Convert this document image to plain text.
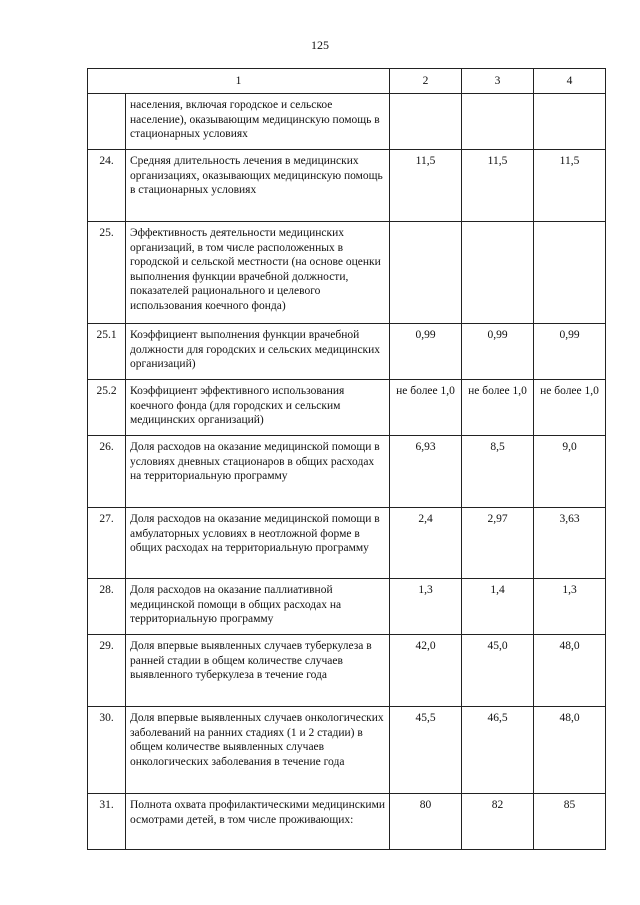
125
1		2	3	4
	населения, включая городское и сельское население), оказывающим медицинскую помощь в стационарных условиях			
24.	Средняя длительность лечения в медицинских организациях, оказывающих медицинскую помощь в стационарных условиях	11,5	11,5	11,5
25.	Эффективность деятельности медицинских организаций, в том числе расположенных в городской и сельской местности (на основе оценки выполнения функции врачебной должности, показателей рационального и целевого использования коечного фонда)			
25.1	Коэффициент выполнения функции врачебной должности для городских и сельских медицинских организаций)	0,99	0,99	0,99
25.2	Коэффициент эффективного использования коечного фонда (для городских и сельским медицинских организаций)	не более 1,0	не более 1,0	не более 1,0
26.	Доля расходов на оказание медицинской помощи в условиях дневных стационаров в общих расходах на территориальную программу	6,93	8,5	9,0
27.	Доля расходов на оказание медицинской помощи в амбулаторных условиях в неотложной форме в общих расходах на территориальную программу	2,4	2,97	3,63
28.	Доля расходов на оказание паллиативной медицинской помощи в общих расходах на территориальную программу	1,3	1,4	1,3
29.	Доля впервые выявленных случаев туберкулеза в ранней стадии в общем количестве случаев выявленного туберкулеза в течение года	42,0	45,0	48,0
30.	Доля впервые выявленных случаев онкологических заболеваний на ранних стадиях (1 и 2 стадии) в общем количестве выявленных случаев онкологических заболевания в течение года	45,5	46,5	48,0
31.	Полнота охвата профилактическими медицинскими осмотрами детей, в том числе проживающих:	80	82	85
